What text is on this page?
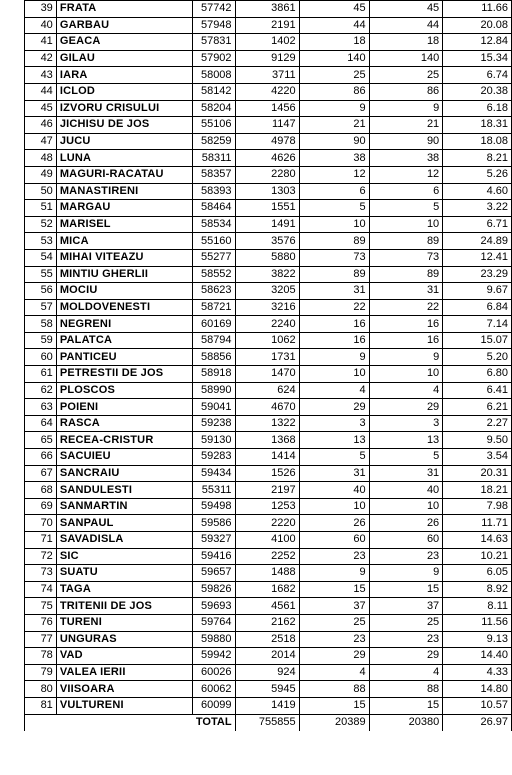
39	FRATA	57742	3861	45	45	11.66
40	GARBAU	57948	2191	44	44	20.08
41	GEACA	57831	1402	18	18	12.84
42	GILAU	57902	9129	140	140	15.34
43	IARA	58008	3711	25	25	6.74
44	ICLOD	58142	4220	86	86	20.38
45	IZVORU CRISULUI	58204	1456	9	9	6.18
46	JICHISU DE JOS	55106	1147	21	21	18.31
47	JUCU	58259	4978	90	90	18.08
48	LUNA	58311	4626	38	38	8.21
49	MAGURI-RACATAU	58357	2280	12	12	5.26
50	MANASTIRENI	58393	1303	6	6	4.60
51	MARGAU	58464	1551	5	5	3.22
52	MARISEL	58534	1491	10	10	6.71
53	MICA	55160	3576	89	89	24.89
54	MIHAI VITEAZU	55277	5880	73	73	12.41
55	MINTIU GHERLII	58552	3822	89	89	23.29
56	MOCIU	58623	3205	31	31	9.67
57	MOLDOVENESTI	58721	3216	22	22	6.84
58	NEGRENI	60169	2240	16	16	7.14
59	PALATCA	58794	1062	16	16	15.07
60	PANTICEU	58856	1731	9	9	5.20
61	PETRESTII DE JOS	58918	1470	10	10	6.80
62	PLOSCOS	58990	624	4	4	6.41
63	POIENI	59041	4670	29	29	6.21
64	RASCA	59238	1322	3	3	2.27
65	RECEA-CRISTUR	59130	1368	13	13	9.50
66	SACUIEU	59283	1414	5	5	3.54
67	SANCRAIU	59434	1526	31	31	20.31
68	SANDULESTI	55311	2197	40	40	18.21
69	SANMARTIN	59498	1253	10	10	7.98
70	SANPAUL	59586	2220	26	26	11.71
71	SAVADISLA	59327	4100	60	60	14.63
72	SIC	59416	2252	23	23	10.21
73	SUATU	59657	1488	9	9	6.05
74	TAGA	59826	1682	15	15	8.92
75	TRITENII DE JOS	59693	4561	37	37	8.11
76	TURENI	59764	2162	25	25	11.56
77	UNGURAS	59880	2518	23	23	9.13
78	VAD	59942	2014	29	29	14.40
79	VALEA IERII	60026	924	4	4	4.33
80	VIISOARA	60062	5945	88	88	14.80
81	VULTURENI	60099	1419	15	15	10.57
		TOTAL	755855	20389	20380	26.97
